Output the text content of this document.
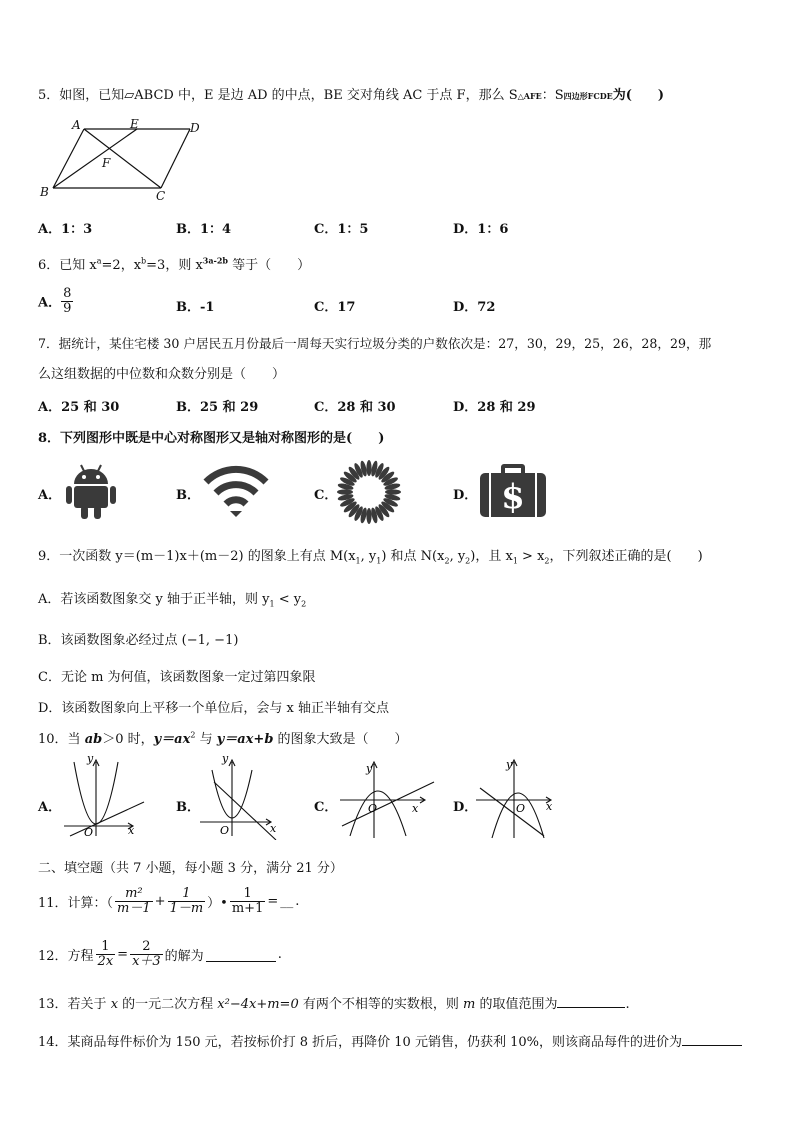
5．如图，已知▱ABCD 中，E 是边 AD 的中点，BE 交对角线 AC 于点 F，那么 S△AFE：S四边形FCDE为(　　)
A	E	D
F
B	C
A．1：3	B．1：4	C．1：5	D．1：6
6．已知 $x^a=2$，$x^b=3$，则 $x^{3a-2b}$ 等于（　　）
A． $\frac{8}{9}$	B．-1	C．17	D．72
7．据统计，某住宅楼 30 户居民五月份最后一周每天实行垃圾分类的户数依次是：27，30，29，25，26，28，29，那
么这组数据的中位数和众数分别是（　　）
A．25 和 30	B．25 和 29	C．28 和 30	D．28 和 29
8．下列图形中既是中心对称图形又是轴对称图形的是(　　)
A．	B．	C．	D． $
9．一次函数 y＝(m－1)x＋(m－2) 的图象上有点 $M(x_1$, $y_1$) 和点 $N(x_2$, $y_2$)，且 $x_1 > x_2$，下列叙述正确的是(　　)
A．若该函数图象交 y 轴于正半轴，则 $y_1 < y_2$
B．该函数图象必经过点 (−1, −1)
C．无论 m 为何值，该函数图象一定过第四象限
D．该函数图象向上平移一个单位后，会与 x 轴正半轴有交点
10．当 ab＞0 时，$y=ax^2$ 与 y＝ax+b 的图象大致是（　　）
A．
y
x
O
B．
y
x
O
C．
y
x
O	D．
y
x
O
二、填空题（共 7 小题，每小题 3 分，满分 21 分）
11．计算：（ $\frac{\text{m²}}{m-1} + \frac{1}{1-m}$ ）• $\frac{1}{m+1}$ = __ .
12．方程 $\frac{1}{2x} = \frac{2}{x+3}$ 的解为	.
13．若关于 x 的一元二次方程 x²−4x+m=0 有两个不相等的实数根，则 m 的取值范围为	.
14．某商品每件标价为 150 元，若按标价打 8 折后，再降价 10 元销售，仍获利 10%，则该商品每件的进价为
